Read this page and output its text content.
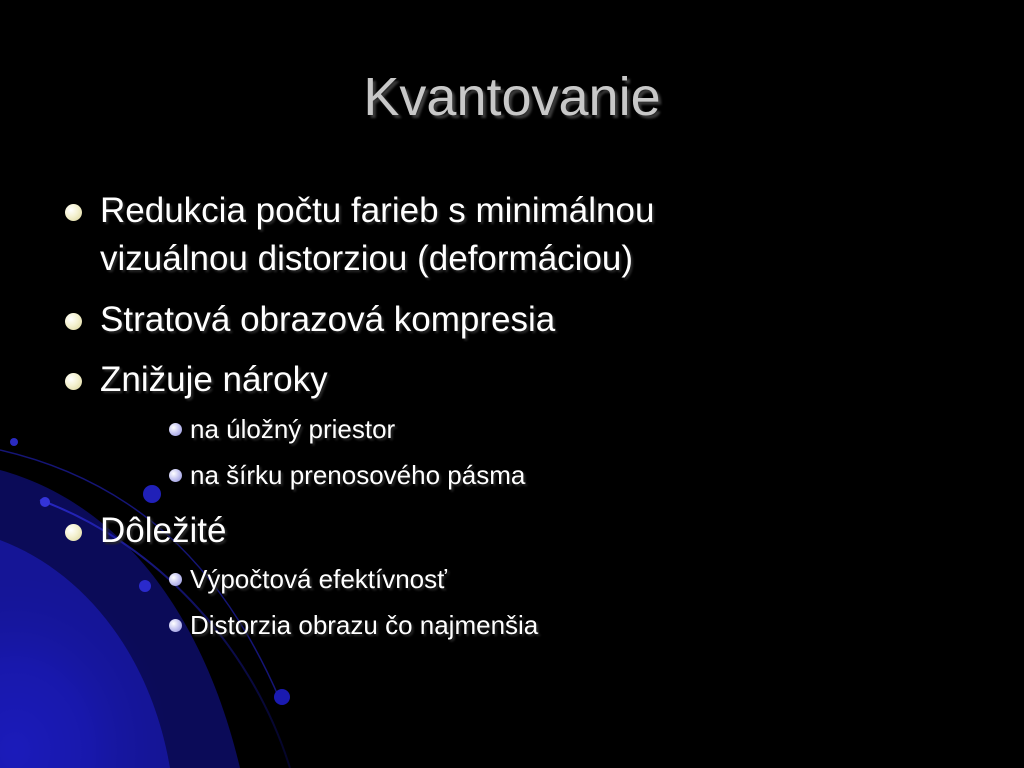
Kvantovanie
Redukcia počtu farieb s minimálnou
vizuálnou distorziou (deformáciou)
Stratová obrazová kompresia
Znižuje nároky
na úložný priestor
na šírku prenosového pásma
Dôležité
Výpočtová efektívnosť
Distorzia obrazu čo najmenšia
